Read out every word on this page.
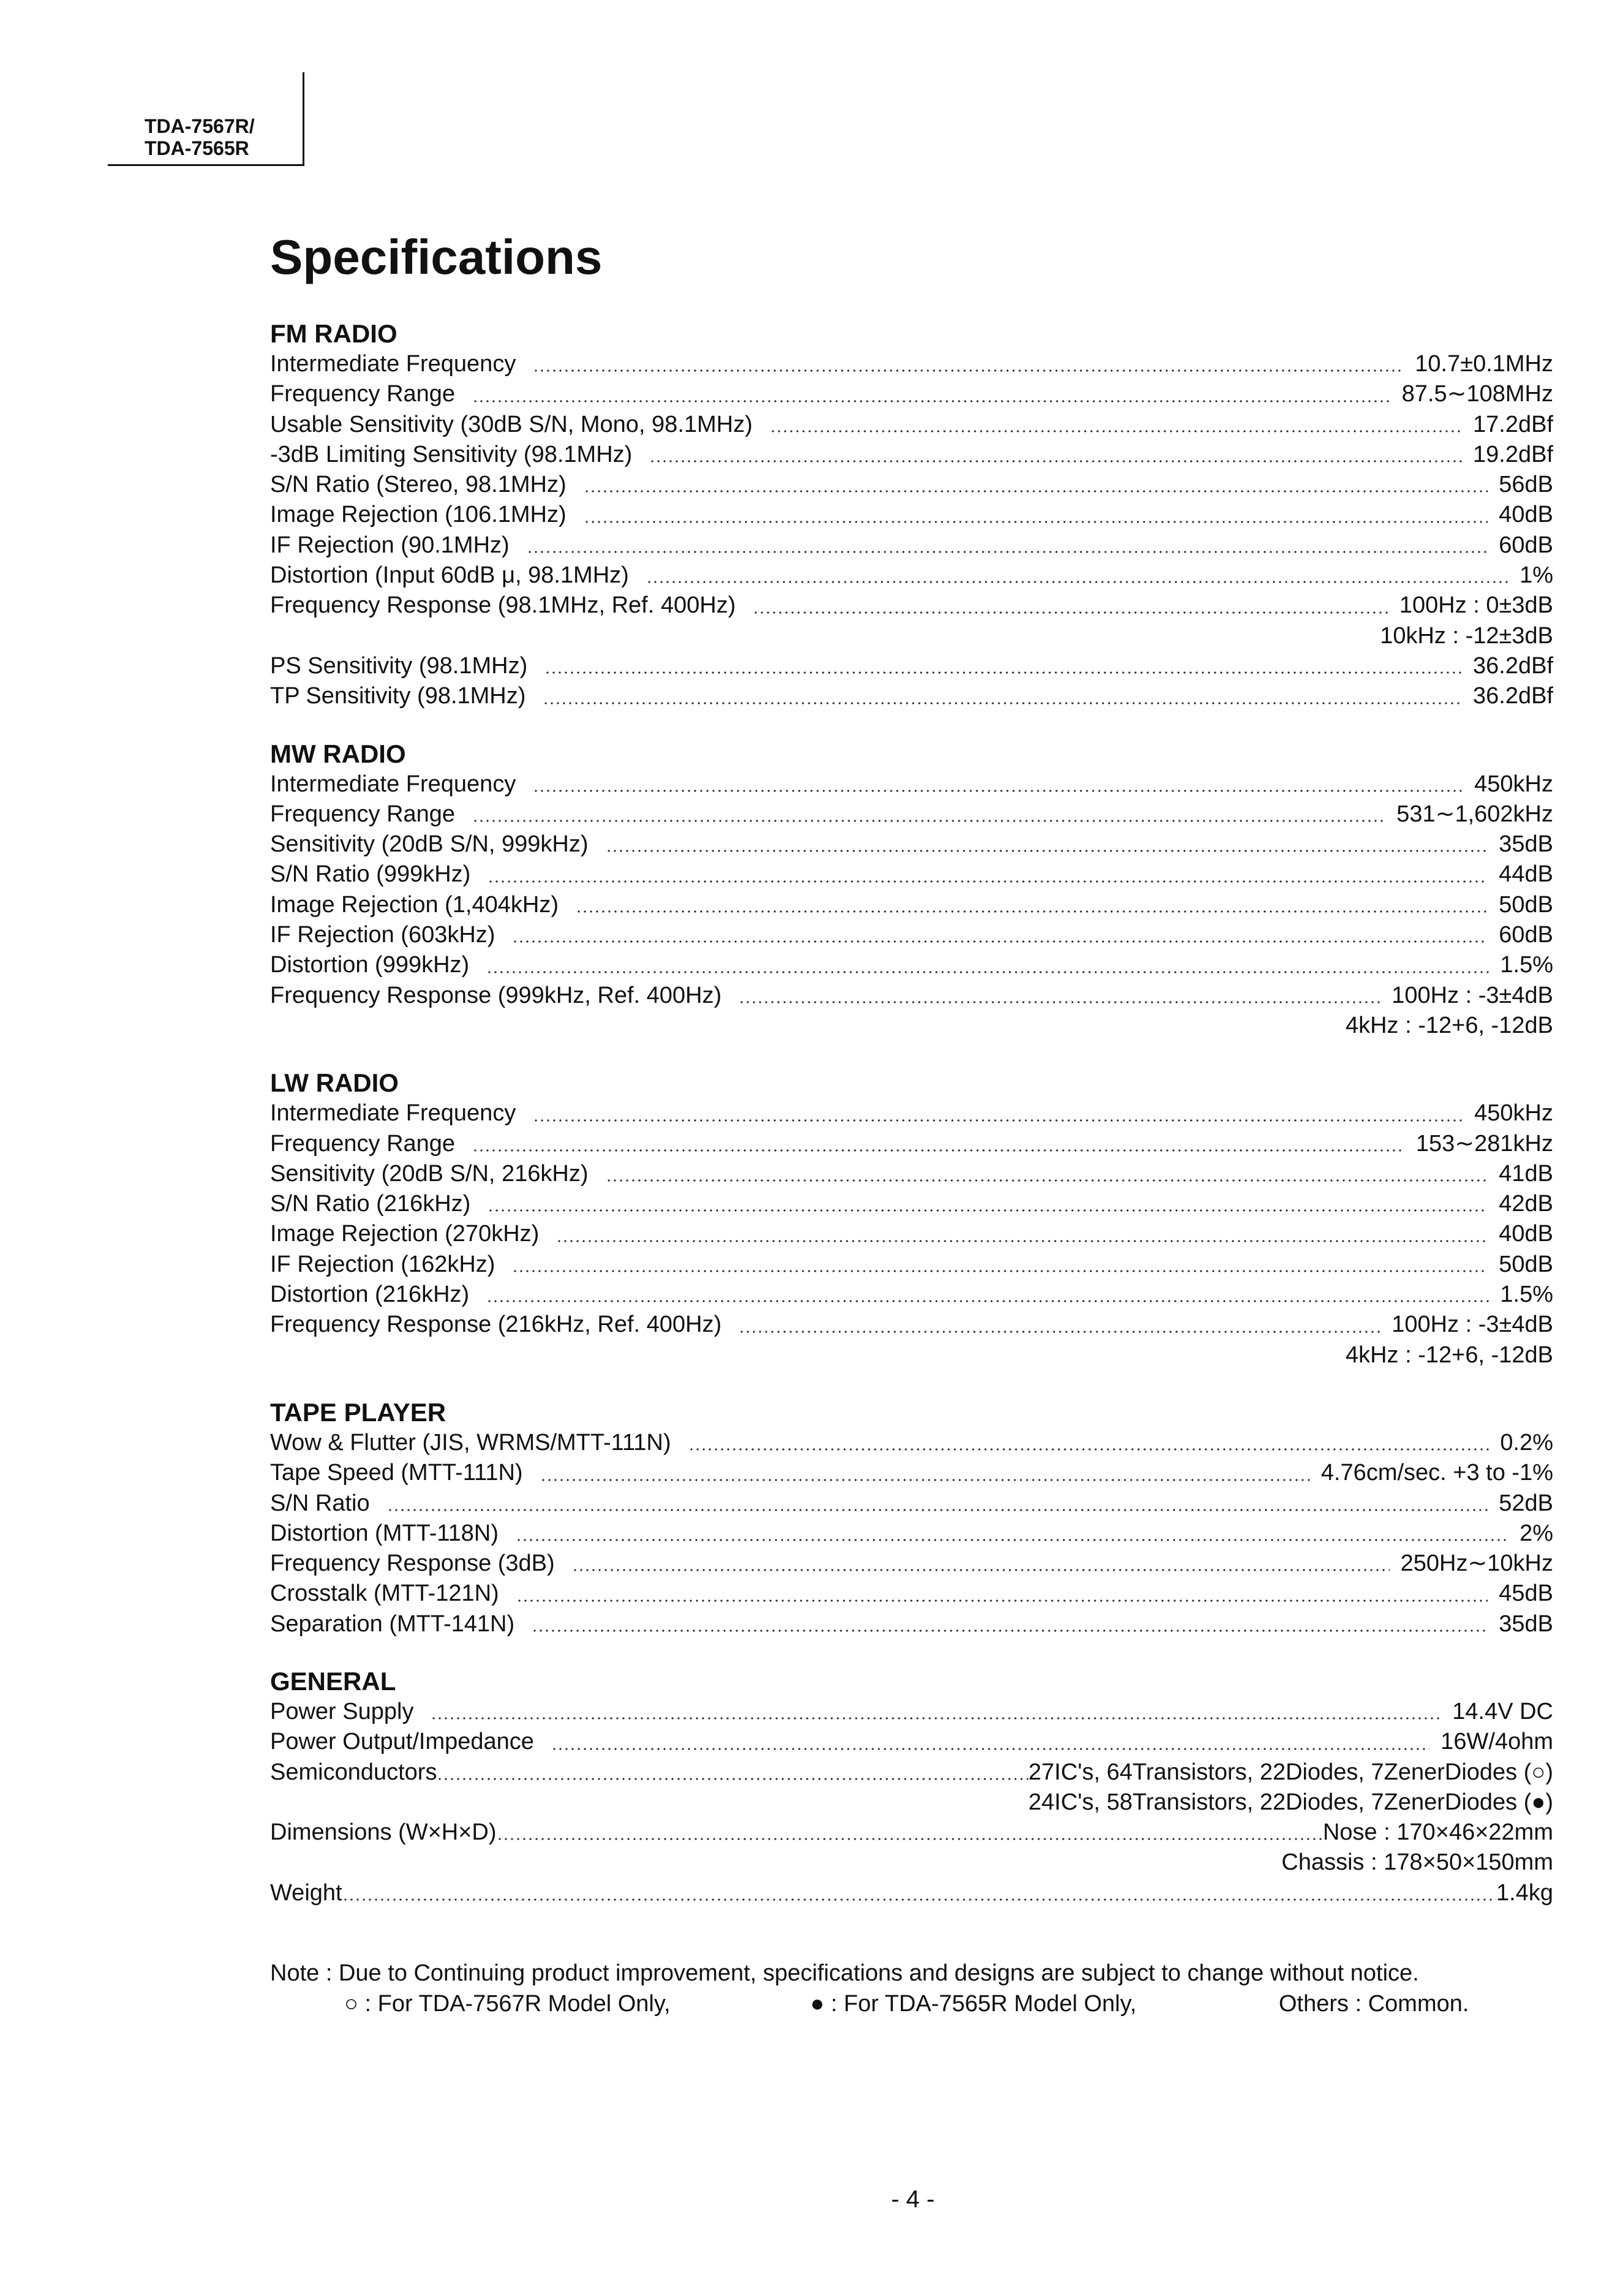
TDA-7567R/
TDA-7565R
Specifications
FM RADIO
Intermediate Frequency	10.7±0.1MHz
Frequency Range	87.5∼108MHz
Usable Sensitivity (30dB S/N, Mono, 98.1MHz)	17.2dBf
-3dB Limiting Sensitivity (98.1MHz)	19.2dBf
S/N Ratio (Stereo, 98.1MHz)	56dB
Image Rejection (106.1MHz)	40dB
IF Rejection (90.1MHz)	60dB
Distortion (Input 60dB μ, 98.1MHz)	1%
Frequency Response (98.1MHz, Ref. 400Hz)	100Hz : 0±3dB
10kHz : -12±3dB
PS Sensitivity (98.1MHz)	36.2dBf
TP Sensitivity (98.1MHz)	36.2dBf
MW RADIO
Intermediate Frequency	450kHz
Frequency Range	531∼1,602kHz
Sensitivity (20dB S/N, 999kHz)	35dB
S/N Ratio (999kHz)	44dB
Image Rejection (1,404kHz)	50dB
IF Rejection (603kHz)	60dB
Distortion (999kHz)	1.5%
Frequency Response (999kHz, Ref. 400Hz)	100Hz : -3±4dB
4kHz : -12+6, -12dB
LW RADIO
Intermediate Frequency	450kHz
Frequency Range	153∼281kHz
Sensitivity (20dB S/N, 216kHz)	41dB
S/N Ratio (216kHz)	42dB
Image Rejection (270kHz)	40dB
IF Rejection (162kHz)	50dB
Distortion (216kHz)	1.5%
Frequency Response (216kHz, Ref. 400Hz)	100Hz : -3±4dB
4kHz : -12+6, -12dB
TAPE PLAYER
Wow & Flutter (JIS, WRMS/MTT-111N)	0.2%
Tape Speed (MTT-111N)	4.76cm/sec. +3 to -1%
S/N Ratio	52dB
Distortion (MTT-118N)	2%
Frequency Response (3dB)	250Hz∼10kHz
Crosstalk (MTT-121N)	45dB
Separation (MTT-141N)	35dB
GENERAL
Power Supply	14.4V DC
Power Output/Impedance	16W/4ohm
Semiconductors	27IC's, 64Transistors, 22Diodes, 7ZenerDiodes (○)
24IC's, 58Transistors, 22Diodes, 7ZenerDiodes (●)
Dimensions (W×H×D)	Nose : 170×46×22mm
Chassis : 178×50×150mm
Weight	1.4kg
Note : Due to Continuing product improvement, specifications and designs are subject to change without notice.
○ : For TDA-7567R Model Only,	● : For TDA-7565R Model Only,	Others : Common.
- 4 -
